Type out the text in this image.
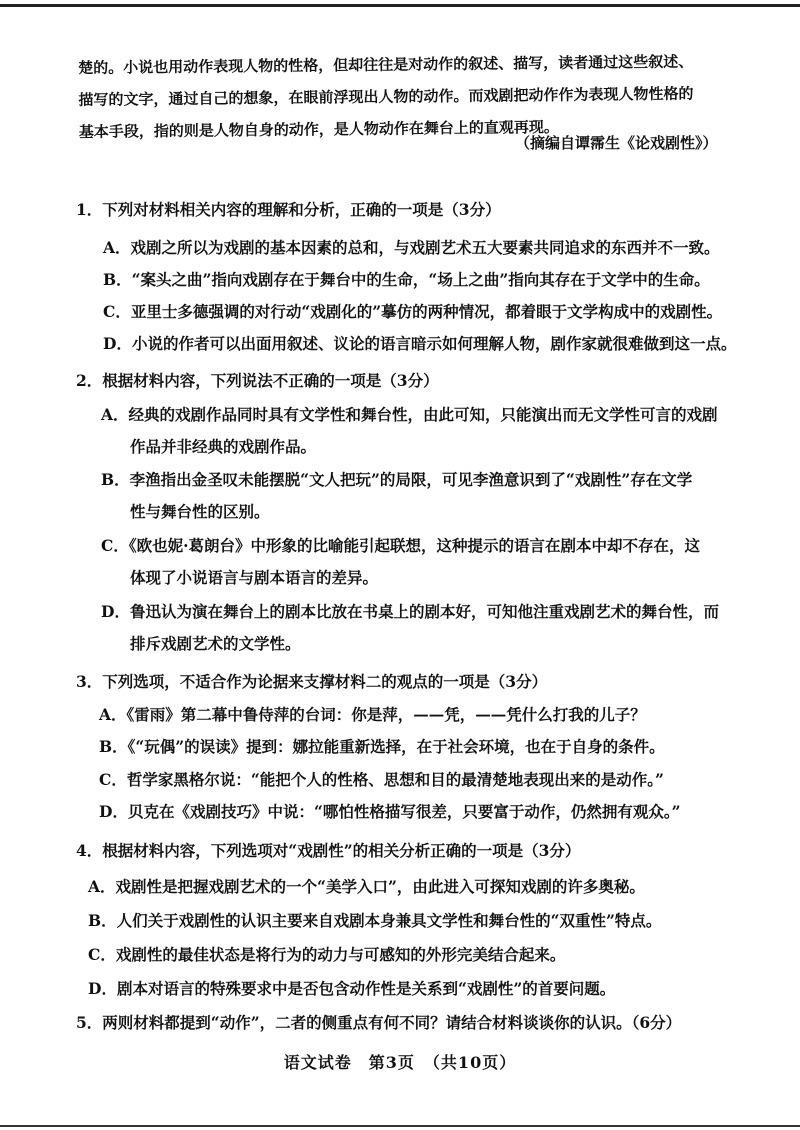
楚的。小说也用动作表现人物的性格，但却往往是对动作的叙述、描写，读者通过这些叙述、

描写的文字，通过自己的想象，在眼前浮现出人物的动作。而戏剧把动作作为表现人物性格的

基本手段，指的则是人物自身的动作，是人物动作在舞台上的直观再现。

（摘编自谭霈生《论戏剧性》）
1．下列对材料相关内容的理解和分析，正确的一项是（3分）
A．戏剧之所以为戏剧的基本因素的总和，与戏剧艺术五大要素共同追求的东西并不一致。
B．“案头之曲”指向戏剧存在于舞台中的生命，“场上之曲”指向其存在于文学中的生命。
C．亚里士多德强调的对行动“戏剧化的”摹仿的两种情况，都着眼于文学构成中的戏剧性。
D．小说的作者可以出面用叙述、议论的语言暗示如何理解人物，剧作家就很难做到这一点。
2．根据材料内容，下列说法不正确的一项是（3分）
A．经典的戏剧作品同时具有文学性和舞台性，由此可知，只能演出而无文学性可言的戏剧
作品并非经典的戏剧作品。
B．李渔指出金圣叹未能摆脱“文人把玩”的局限，可见李渔意识到了“戏剧性”存在文学
性与舞台性的区别。
C．《欧也妮·葛朗台》中形象的比喻能引起联想，这种提示的语言在剧本中却不存在，这
体现了小说语言与剧本语言的差异。
D．鲁迅认为演在舞台上的剧本比放在书桌上的剧本好，可知他注重戏剧艺术的舞台性，而
排斥戏剧艺术的文学性。
3．下列选项，不适合作为论据来支撑材料二的观点的一项是（3分）
A．《雷雨》第二幕中鲁侍萍的台词：你是萍，——凭，——凭什么打我的儿子？
B．《“玩偶”的误读》提到：娜拉能重新选择，在于社会环境，也在于自身的条件。
C．哲学家黑格尔说：“能把个人的性格、思想和目的最清楚地表现出来的是动作。”
D．贝克在《戏剧技巧》中说：“哪怕性格描写很差，只要富于动作，仍然拥有观众。”
4．根据材料内容，下列选项对“戏剧性”的相关分析正确的一项是（3分）
A．戏剧性是把握戏剧艺术的一个“美学入口”，由此进入可探知戏剧的许多奥秘。
B．人们关于戏剧性的认识主要来自戏剧本身兼具文学性和舞台性的“双重性”特点。
C．戏剧性的最佳状态是将行为的动力与可感知的外形完美结合起来。
D．剧本对语言的特殊要求中是否包含动作性是关系到“戏剧性”的首要问题。
5．两则材料都提到“动作”，二者的侧重点有何不同？请结合材料谈谈你的认识。（6分）
语文试卷　第3页　（共10页）
